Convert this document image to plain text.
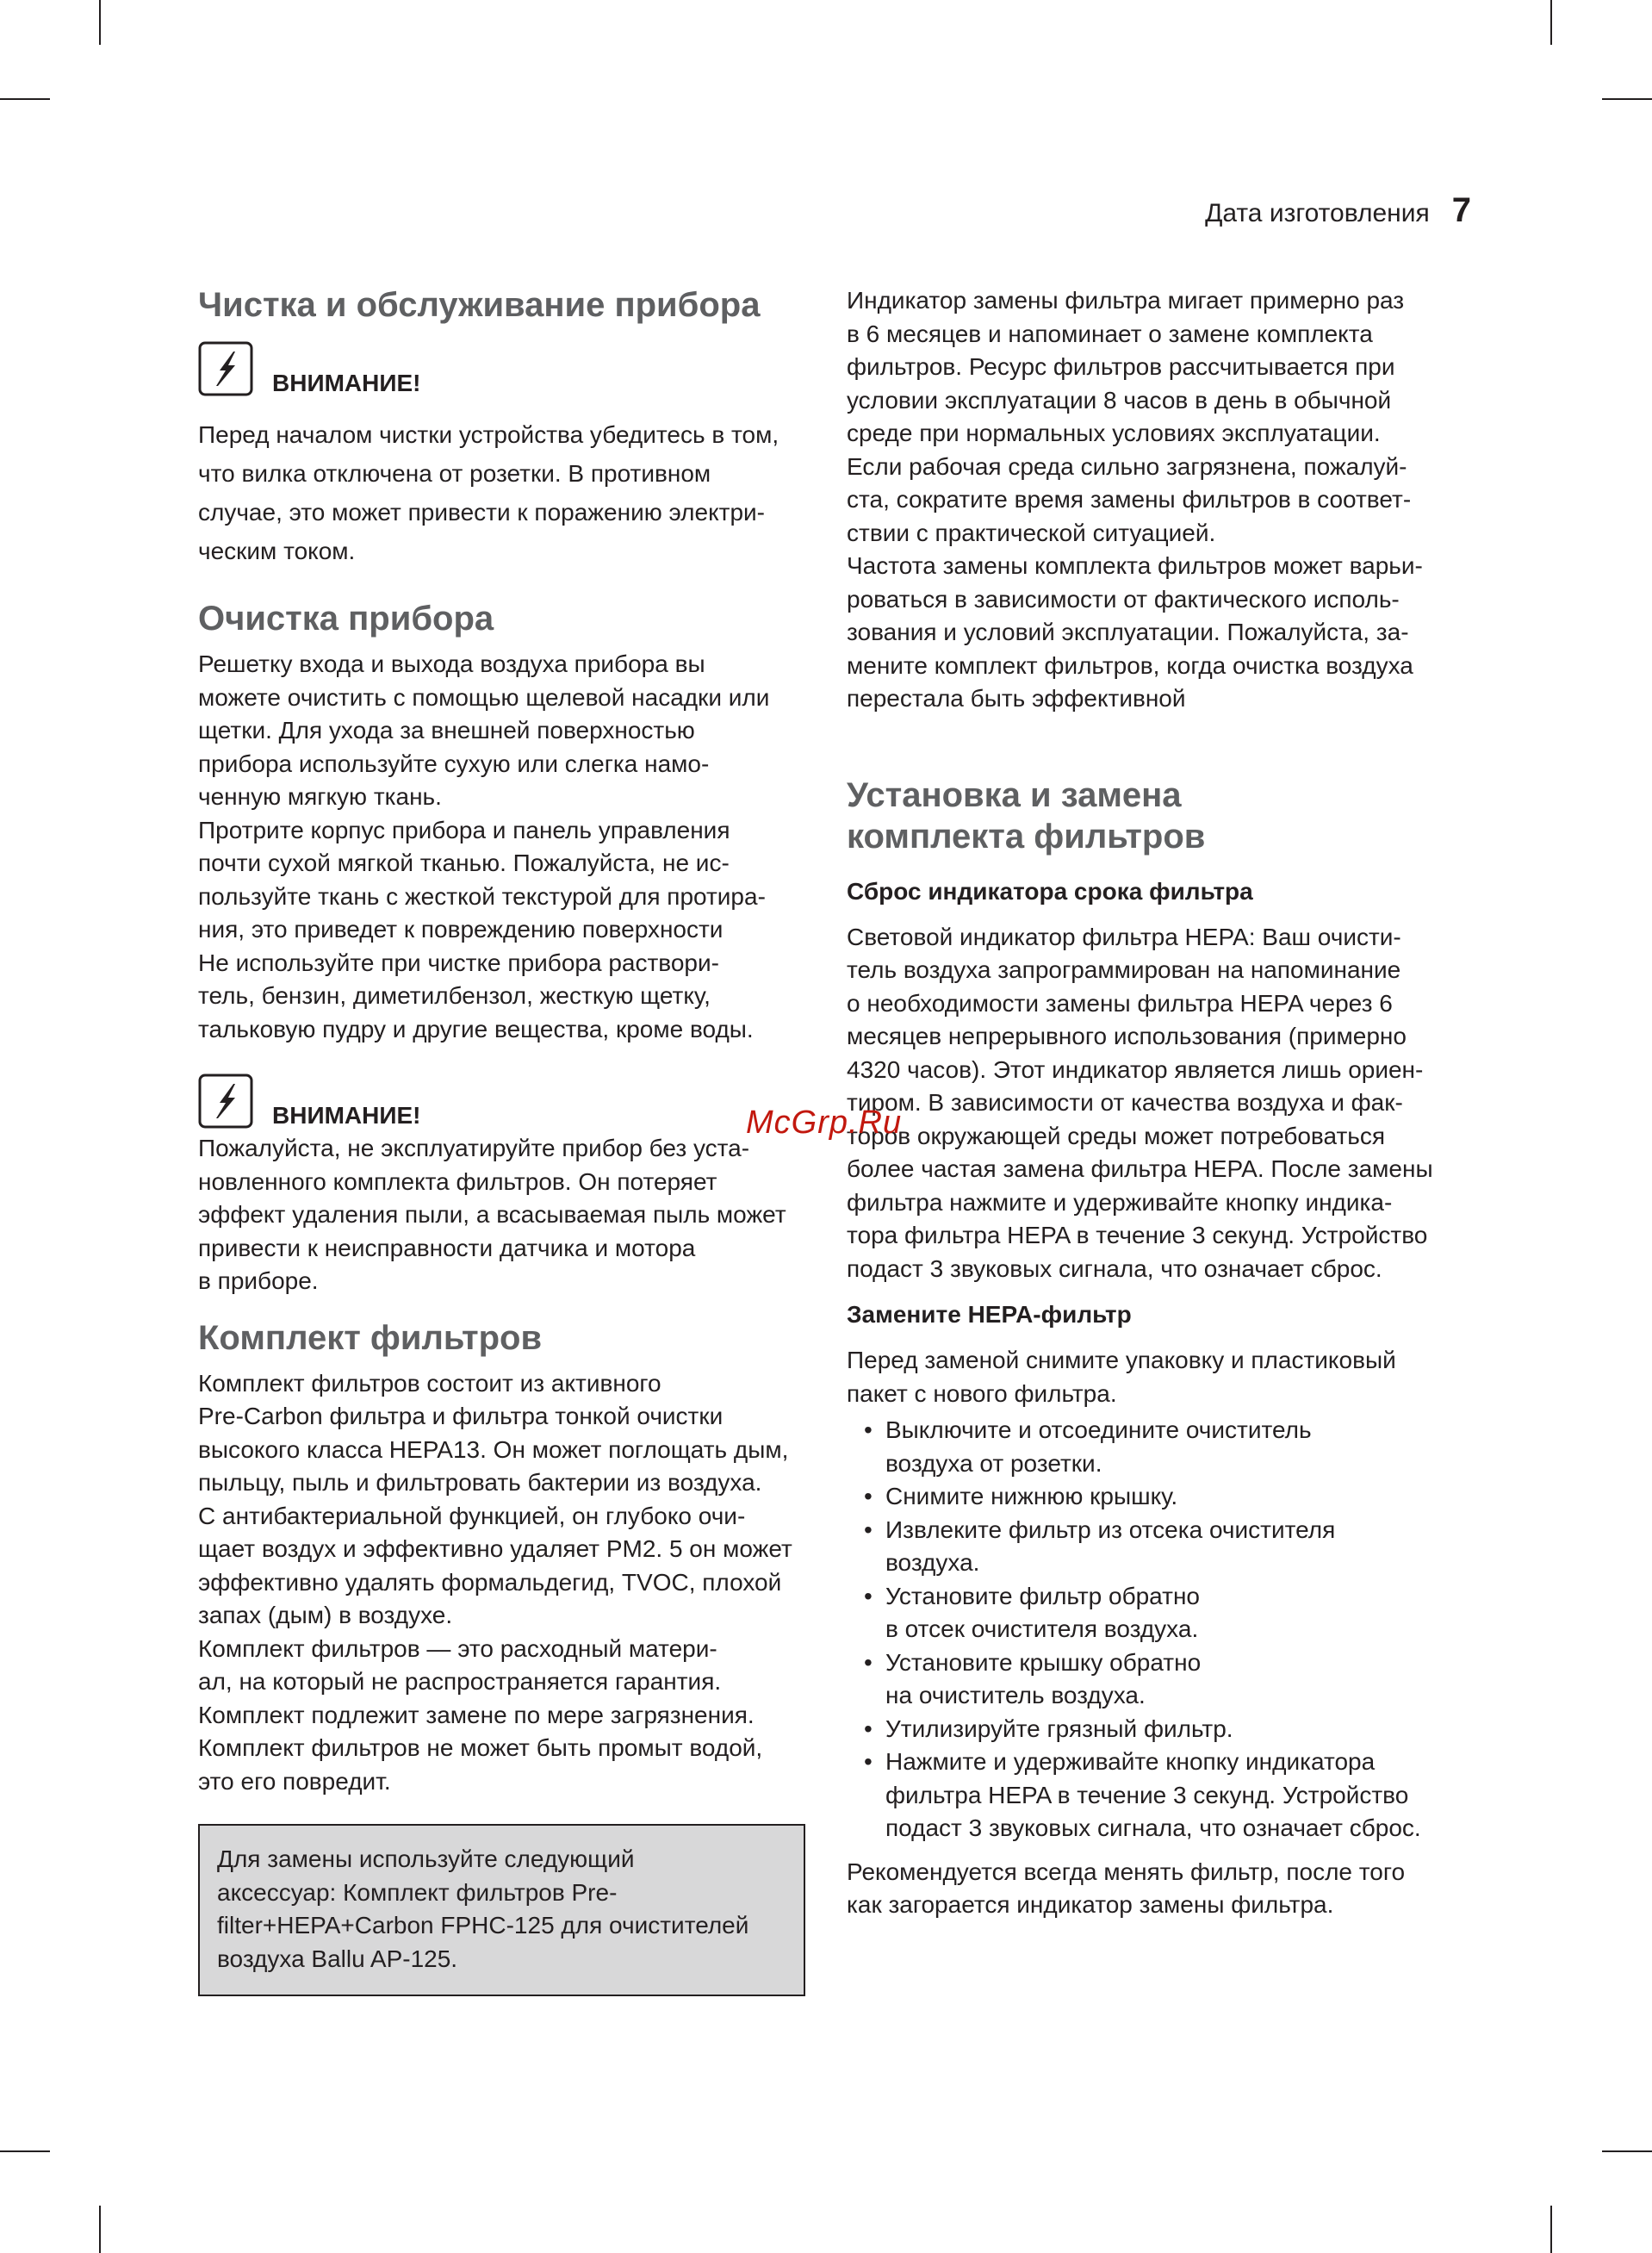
Дата изготовления 7
Чистка и обслуживание прибора
ВНИМАНИЕ!

Перед началом чистки устройства убедитесь в том,

что вилка отключена от розетки. В противном

случае, это может привести к поражению электри-

ческим током.

Очистка прибора

Решетку входа и выхода воздуха прибора вы

можете очистить с помощью щелевой насадки или

щетки. Для ухода за внешней поверхностью

прибора используйте сухую или слегка намо-

ченную мягкую ткань.

Протрите корпус прибора и панель управления

почти сухой мягкой тканью. Пожалуйста, не ис-

пользуйте ткань с жесткой текстурой для протира-

ния, это приведет к повреждению поверхности

Не используйте при чистке прибора раствори-

тель, бензин, диметилбензол, жесткую щетку,

тальковую пудру и другие вещества, кроме воды.

ВНИМАНИЕ!

Пожалуйста, не эксплуатируйте прибор без уста-

новленного комплекта фильтров. Он потеряет

эффект удаления пыли, а всасываемая пыль может

привести к неисправности датчика и мотора

в приборе.

Комплект фильтров

Комплект фильтров состоит из активного

Pre-Carbon фильтра и фильтра тонкой очистки

высокого класса HEPA13. Он может поглощать дым,

пыльцу, пыль и фильтровать бактерии из воздуха.

С антибактериальной функцией, он глубоко очи-

щает воздух и эффективно удаляет PM2. 5 он может

эффективно удалять формальдегид, TVOC, плохой

запах (дым) в воздухе.

Комплект фильтров — это расходный матери-

ал, на который не распространяется гарантия.

Комплект подлежит замене по мере загрязнения.

Комплект фильтров не может быть промыт водой,

это его повредит.

Для замены используйте следующий

аксессуар: Комплект фильтров Pre-

filter+HEPA+Carbon FPHC-125 для очистителей

воздуха Ballu AP-125.

Индикатор замены фильтра мигает примерно раз

в 6 месяцев и напоминает о замене комплекта

фильтров. Ресурс фильтров рассчитывается при

условии эксплуатации 8 часов в день в обычной

среде при нормальных условиях эксплуатации.

Если рабочая среда сильно загрязнена, пожалуй-

ста, сократите время замены фильтров в соответ-

ствии с практической ситуацией.

Частота замены комплекта фильтров может варьи-

роваться в зависимости от фактического исполь-

зования и условий эксплуатации. Пожалуйста, за-

мените комплект фильтров, когда очистка воздуха

перестала быть эффективной

Установка и замена
комплекта фильтров
Сброс индикатора срока фильтра

Световой индикатор фильтра HEPA: Ваш очисти-

тель воздуха запрограммирован на напоминание

о необходимости замены фильтра HEPA через 6

месяцев непрерывного использования (примерно

4320 часов). Этот индикатор является лишь ориен-

тиром. В зависимости от качества воздуха и фак-

торов окружающей среды может потребоваться

более частая замена фильтра HEPA. После замены

фильтра нажмите и удерживайте кнопку индика-

тора фильтра HEPA в течение 3 секунд. Устройство

подаст 3 звуковых сигнала, что означает сброс.

Замените HEPA-фильтр

Перед заменой снимите упаковку и пластиковый

пакет с нового фильтра.

• Выключите и отсоедините очиститель
воздуха от розетки.
• Снимите нижнюю крышку.
• Извлеките фильтр из отсека очистителя
воздуха.
• Установите фильтр обратно
в отсек очистителя воздуха.
• Установите крышку обратно
на очиститель воздуха.
• Утилизируйте грязный фильтр.
• Нажмите и удерживайте кнопку индикатора
фильтра HEPA в течение 3 секунд. Устройство
подаст 3 звуковых сигнала, что означает сброс.

Рекомендуется всегда менять фильтр, после того

как загорается индикатор замены фильтра.

McGrp.Ru
